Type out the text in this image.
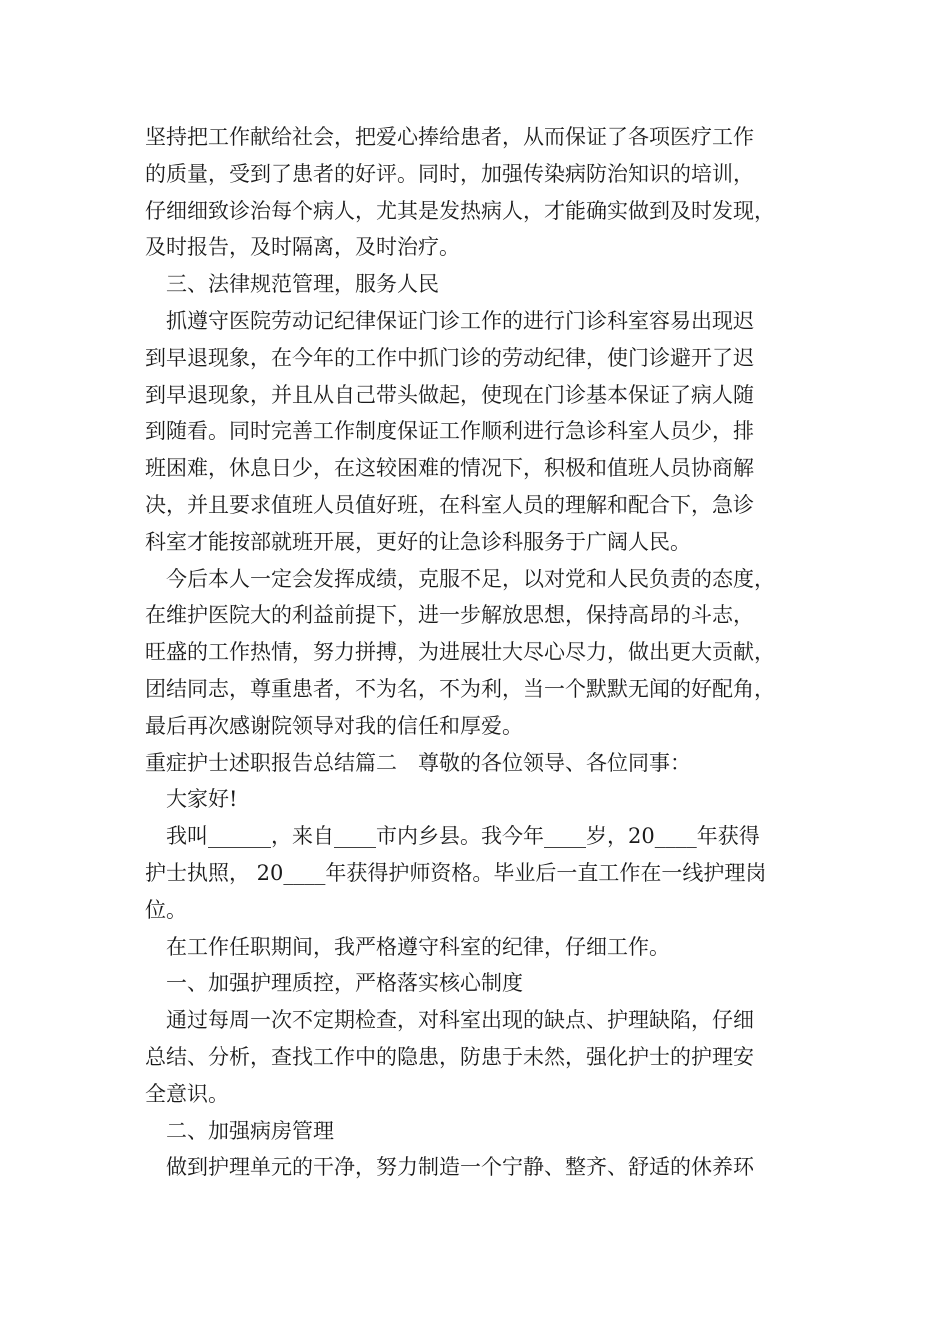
坚持把工作献给社会，把爱心捧给患者，从而保证了各项医疗工作
的质量，受到了患者的好评。同时，加强传染病防治知识的培训，
仔细细致诊治每个病人，尤其是发热病人，才能确实做到及时发现，
及时报告，及时隔离，及时治疗。
　三、法律规范管理，服务人民
　抓遵守医院劳动记纪律保证门诊工作的进行门诊科室容易出现迟
到早退现象，在今年的工作中抓门诊的劳动纪律，使门诊避开了迟
到早退现象，并且从自己带头做起，使现在门诊基本保证了病人随
到随看。同时完善工作制度保证工作顺利进行急诊科室人员少，排
班困难，休息日少，在这较困难的情况下，积极和值班人员协商解
决，并且要求值班人员值好班，在科室人员的理解和配合下，急诊
科室才能按部就班开展，更好的让急诊科服务于广阔人民。
　今后本人一定会发挥成绩，克服不足，以对党和人民负责的态度，
在维护医院大的利益前提下，进一步解放思想，保持高昂的斗志，
旺盛的工作热情，努力拼搏，为进展壮大尽心尽力，做出更大贡献，
团结同志，尊重患者，不为名，不为利，当一个默默无闻的好配角，
最后再次感谢院领导对我的信任和厚爱。
重症护士述职报告总结篇二　尊敬的各位领导、各位同事：
　大家好!
　我叫______，来自____市内乡县。我今年____岁，20____年获得
护士执照， 20____年获得护师资格。毕业后一直工作在一线护理岗
位。
　在工作任职期间，我严格遵守科室的纪律，仔细工作。
　一、加强护理质控，严格落实核心制度
　通过每周一次不定期检查，对科室出现的缺点、护理缺陷，仔细
总结、分析，查找工作中的隐患，防患于未然，强化护士的护理安
全意识。
　二、加强病房管理
　做到护理单元的干净，努力制造一个宁静、整齐、舒适的休养环
